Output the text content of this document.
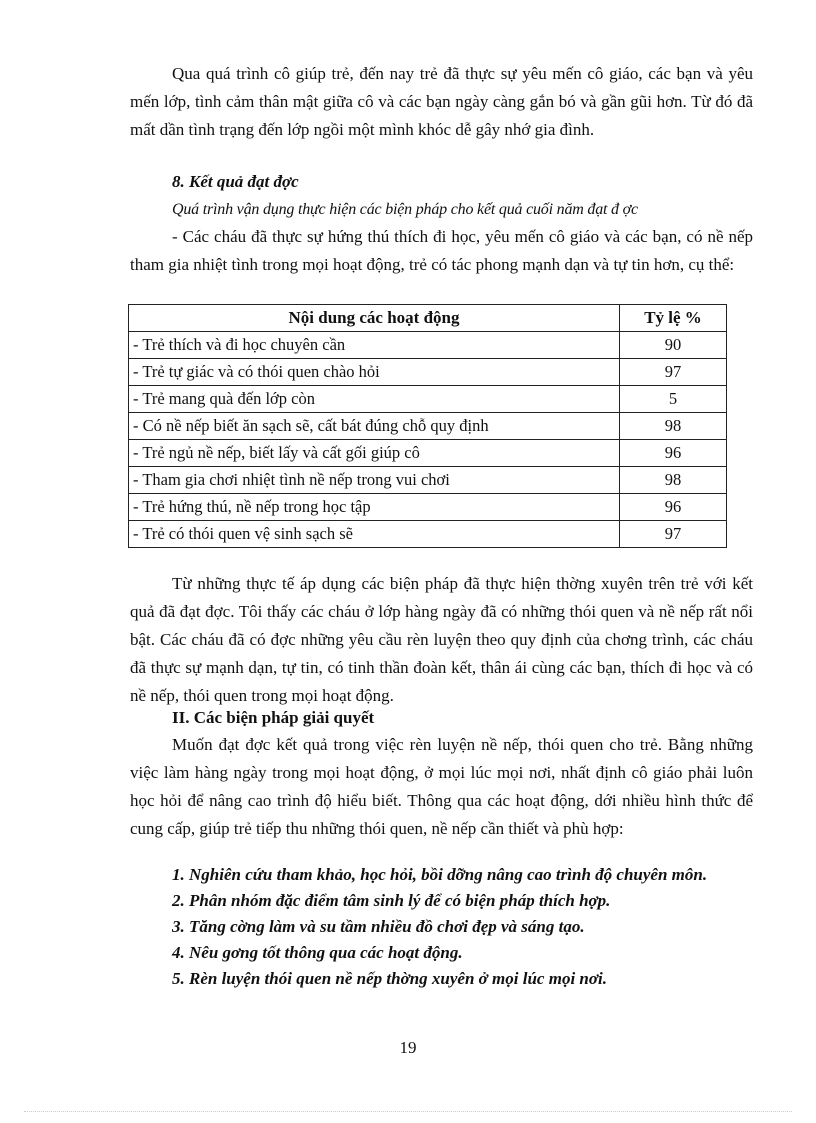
Qua quá trình cô giúp trẻ, đến nay trẻ đã thực sự yêu mến cô giáo, các bạn và yêu mến lớp, tình cảm thân mật giữa cô và các bạn ngày càng gắn bó và gần gũi hơn. Từ đó đã mất dần tình trạng đến lớp ngồi một mình khóc dễ gây nhớ gia đình.

8. Kết quả đạt đợc

Quá trình vận dụng thực hiện các biện pháp cho kết quả cuối năm đạt đ ợc

- Các cháu đã thực sự hứng thú thích đi học, yêu mến cô giáo và các bạn, có nề nếp tham gia nhiệt tình trong mọi hoạt động, trẻ có tác phong mạnh dạn và tự tin hơn, cụ thể:

Nội dung các hoạt động	Tỷ lệ %
- Trẻ thích và đi học chuyên cần	90
- Trẻ tự giác và có thói quen chào hỏi	97
- Trẻ mang quà đến lớp còn	5
- Có nề nếp biết ăn sạch sẽ, cất bát đúng chỗ quy định	98
- Trẻ ngủ nề nếp, biết lấy và cất gối giúp cô	96
- Tham gia chơi nhiệt tình nề nếp trong vui chơi	98
- Trẻ hứng thú, nề nếp trong học tập	96
- Trẻ có thói quen vệ sinh sạch sẽ	97

Từ những thực tế áp dụng các biện pháp đã thực hiện thờng xuyên trên trẻ với kết quả đã đạt đợc. Tôi thấy các cháu ở lớp hàng ngày đã có những thói quen và nề nếp rất nổi bật. Các cháu đã có đợc những yêu cầu rèn luyện theo quy định của chơng trình, các cháu đã thực sự mạnh dạn, tự tin, có tinh thần đoàn kết, thân ái cùng các bạn, thích đi học và có nề nếp, thói quen trong mọi hoạt động.

II. Các biện pháp giải quyết

Muốn đạt đợc kết quả trong việc rèn luyện nề nếp, thói quen cho trẻ. Bằng những việc làm hàng ngày trong mọi hoạt động, ở mọi lúc mọi nơi, nhất định cô giáo phải luôn học hỏi để nâng cao trình độ hiểu biết. Thông qua các hoạt động, dới nhiều hình thức để cung cấp, giúp trẻ tiếp thu những thói quen, nề nếp cần thiết và phù hợp:

1. Nghiên cứu tham khảo, học hỏi, bồi dỡng nâng cao trình độ chuyên môn.
2. Phân nhóm đặc điểm tâm sinh lý để có biện pháp thích hợp.
3. Tăng cờng làm và su tầm nhiều đồ chơi đẹp và sáng tạo.
4. Nêu gơng tốt thông qua các hoạt động.
5. Rèn luyện thói quen nề nếp thờng xuyên ở mọi lúc mọi nơi.
19
